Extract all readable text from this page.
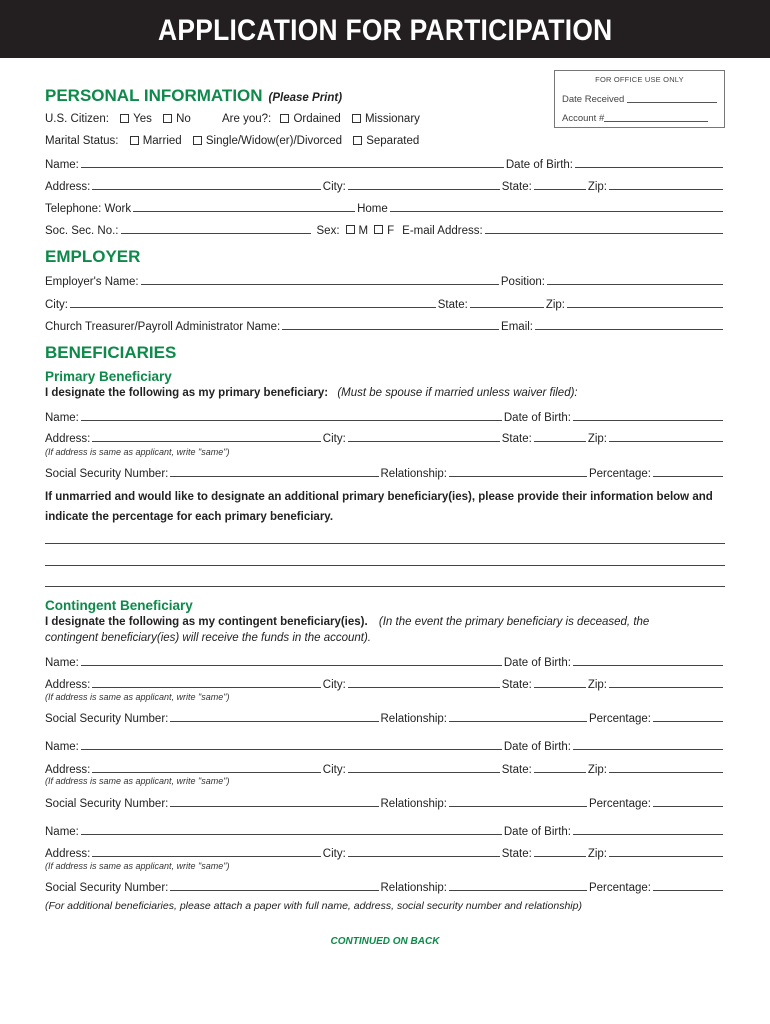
APPLICATION FOR PARTICIPATION
FOR OFFICE USE ONLY
Date Received
Account #
PERSONAL INFORMATION (Please Print)
U.S. Citizen: Yes No	Are you?: Ordained Missionary
Marital Status: Married Single/Widow(er)/Divorced Separated
Name:	Date of Birth:
Address:	City:	State:	Zip:
Telephone: Work	Home
Soc. Sec. No.:	Sex:	M	F E-mail Address:
EMPLOYER
Employer's Name:	Position:
City:	State:	Zip:
Church Treasurer/Payroll Administrator Name:	Email:
BENEFICIARIES
Primary Beneficiary
I designate the following as my primary beneficiary: (Must be spouse if married unless waiver filed):
Name:	Date of Birth:
Address:	City:	State:	Zip:
(If address is same as applicant, write "same")
Social Security Number:	Relationship:	Percentage:
If unmarried and would like to designate an additional primary beneficiary(ies), please provide their information below and
indicate the percentage for each primary beneficiary.
Contingent Beneficiary
I designate the following as my contingent beneficiary(ies). (In the event the primary beneficiary is deceased, the
contingent beneficiary(ies) will receive the funds in the account).
Name:	Date of Birth:
Address:	City:	State:	Zip:
(If address is same as applicant, write "same")
Social Security Number:	Relationship:	Percentage:
Name:	Date of Birth:
Address:	City:	State:	Zip:
(If address is same as applicant, write "same")
Social Security Number:	Relationship:	Percentage:
Name:	Date of Birth:
Address:	City:	State:	Zip:
(If address is same as applicant, write "same")
Social Security Number:	Relationship:	Percentage:
(For additional beneficiaries, please attach a paper with full name, address, social security number and relationship)
CONTINUED ON BACK
